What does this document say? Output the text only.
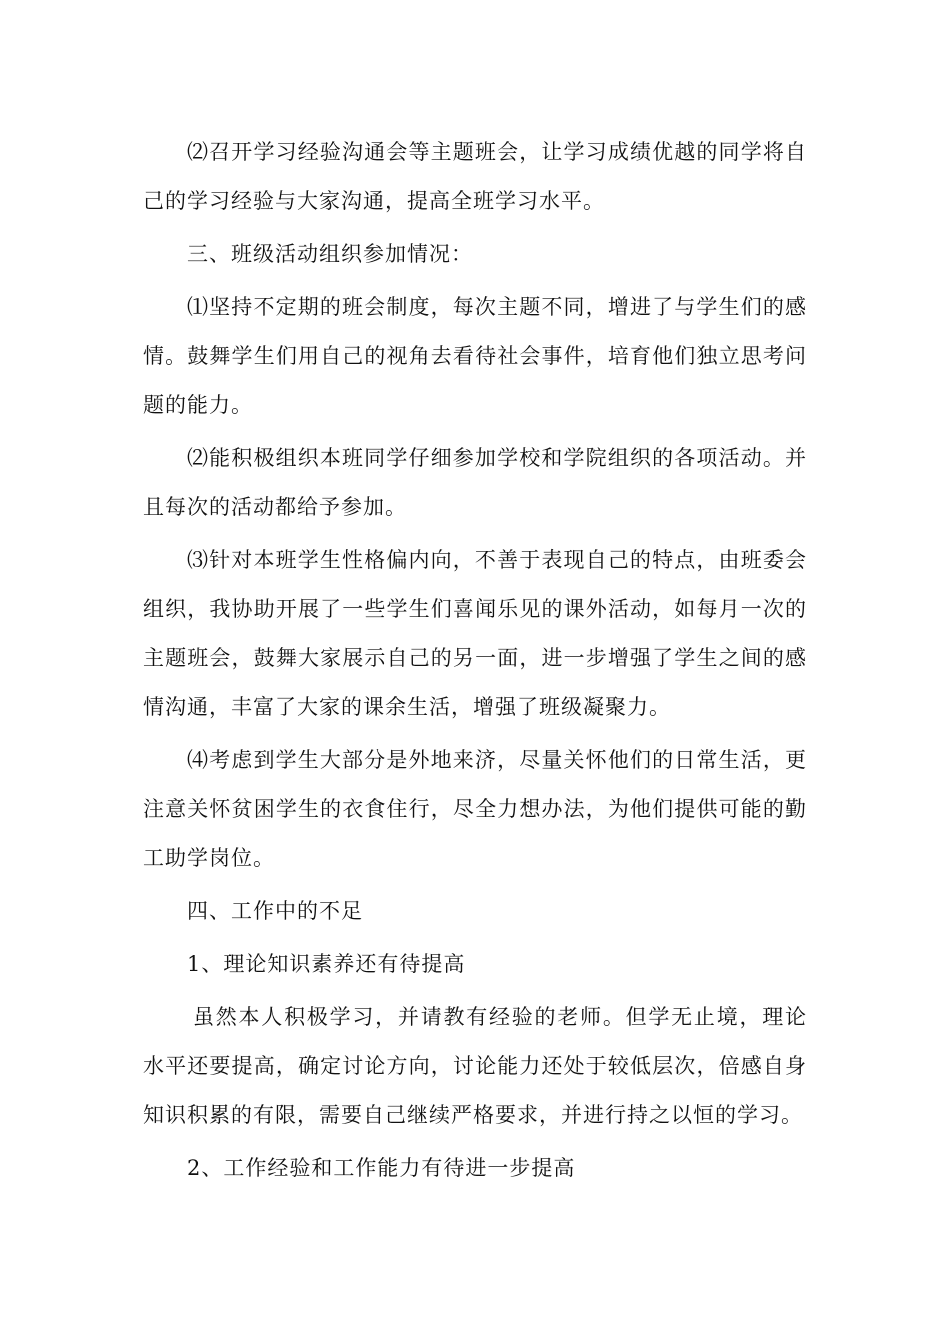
⑵召开学习经验沟通会等主题班会，让学习成绩优越的同学将自己的学习经验与大家沟通，提高全班学习水平。

三、班级活动组织参加情况：

⑴坚持不定期的班会制度，每次主题不同，增进了与学生们的感情。鼓舞学生们用自己的视角去看待社会事件，培育他们独立思考问题的能力。

⑵能积极组织本班同学仔细参加学校和学院组织的各项活动。并且每次的活动都给予参加。

⑶针对本班学生性格偏内向，不善于表现自己的特点，由班委会组织，我协助开展了一些学生们喜闻乐见的课外活动，如每月一次的主题班会，鼓舞大家展示自己的另一面，进一步增强了学生之间的感情沟通，丰富了大家的课余生活，增强了班级凝聚力。

⑷考虑到学生大部分是外地来济，尽量关怀他们的日常生活，更注意关怀贫困学生的衣食住行，尽全力想办法，为他们提供可能的勤工助学岗位。

四、工作中的不足

1、理论知识素养还有待提高

虽然本人积极学习，并请教有经验的老师。但学无止境，理论水平还要提高，确定讨论方向，讨论能力还处于较低层次，倍感自身知识积累的有限，需要自己继续严格要求，并进行持之以恒的学习。

2、工作经验和工作能力有待进一步提高
